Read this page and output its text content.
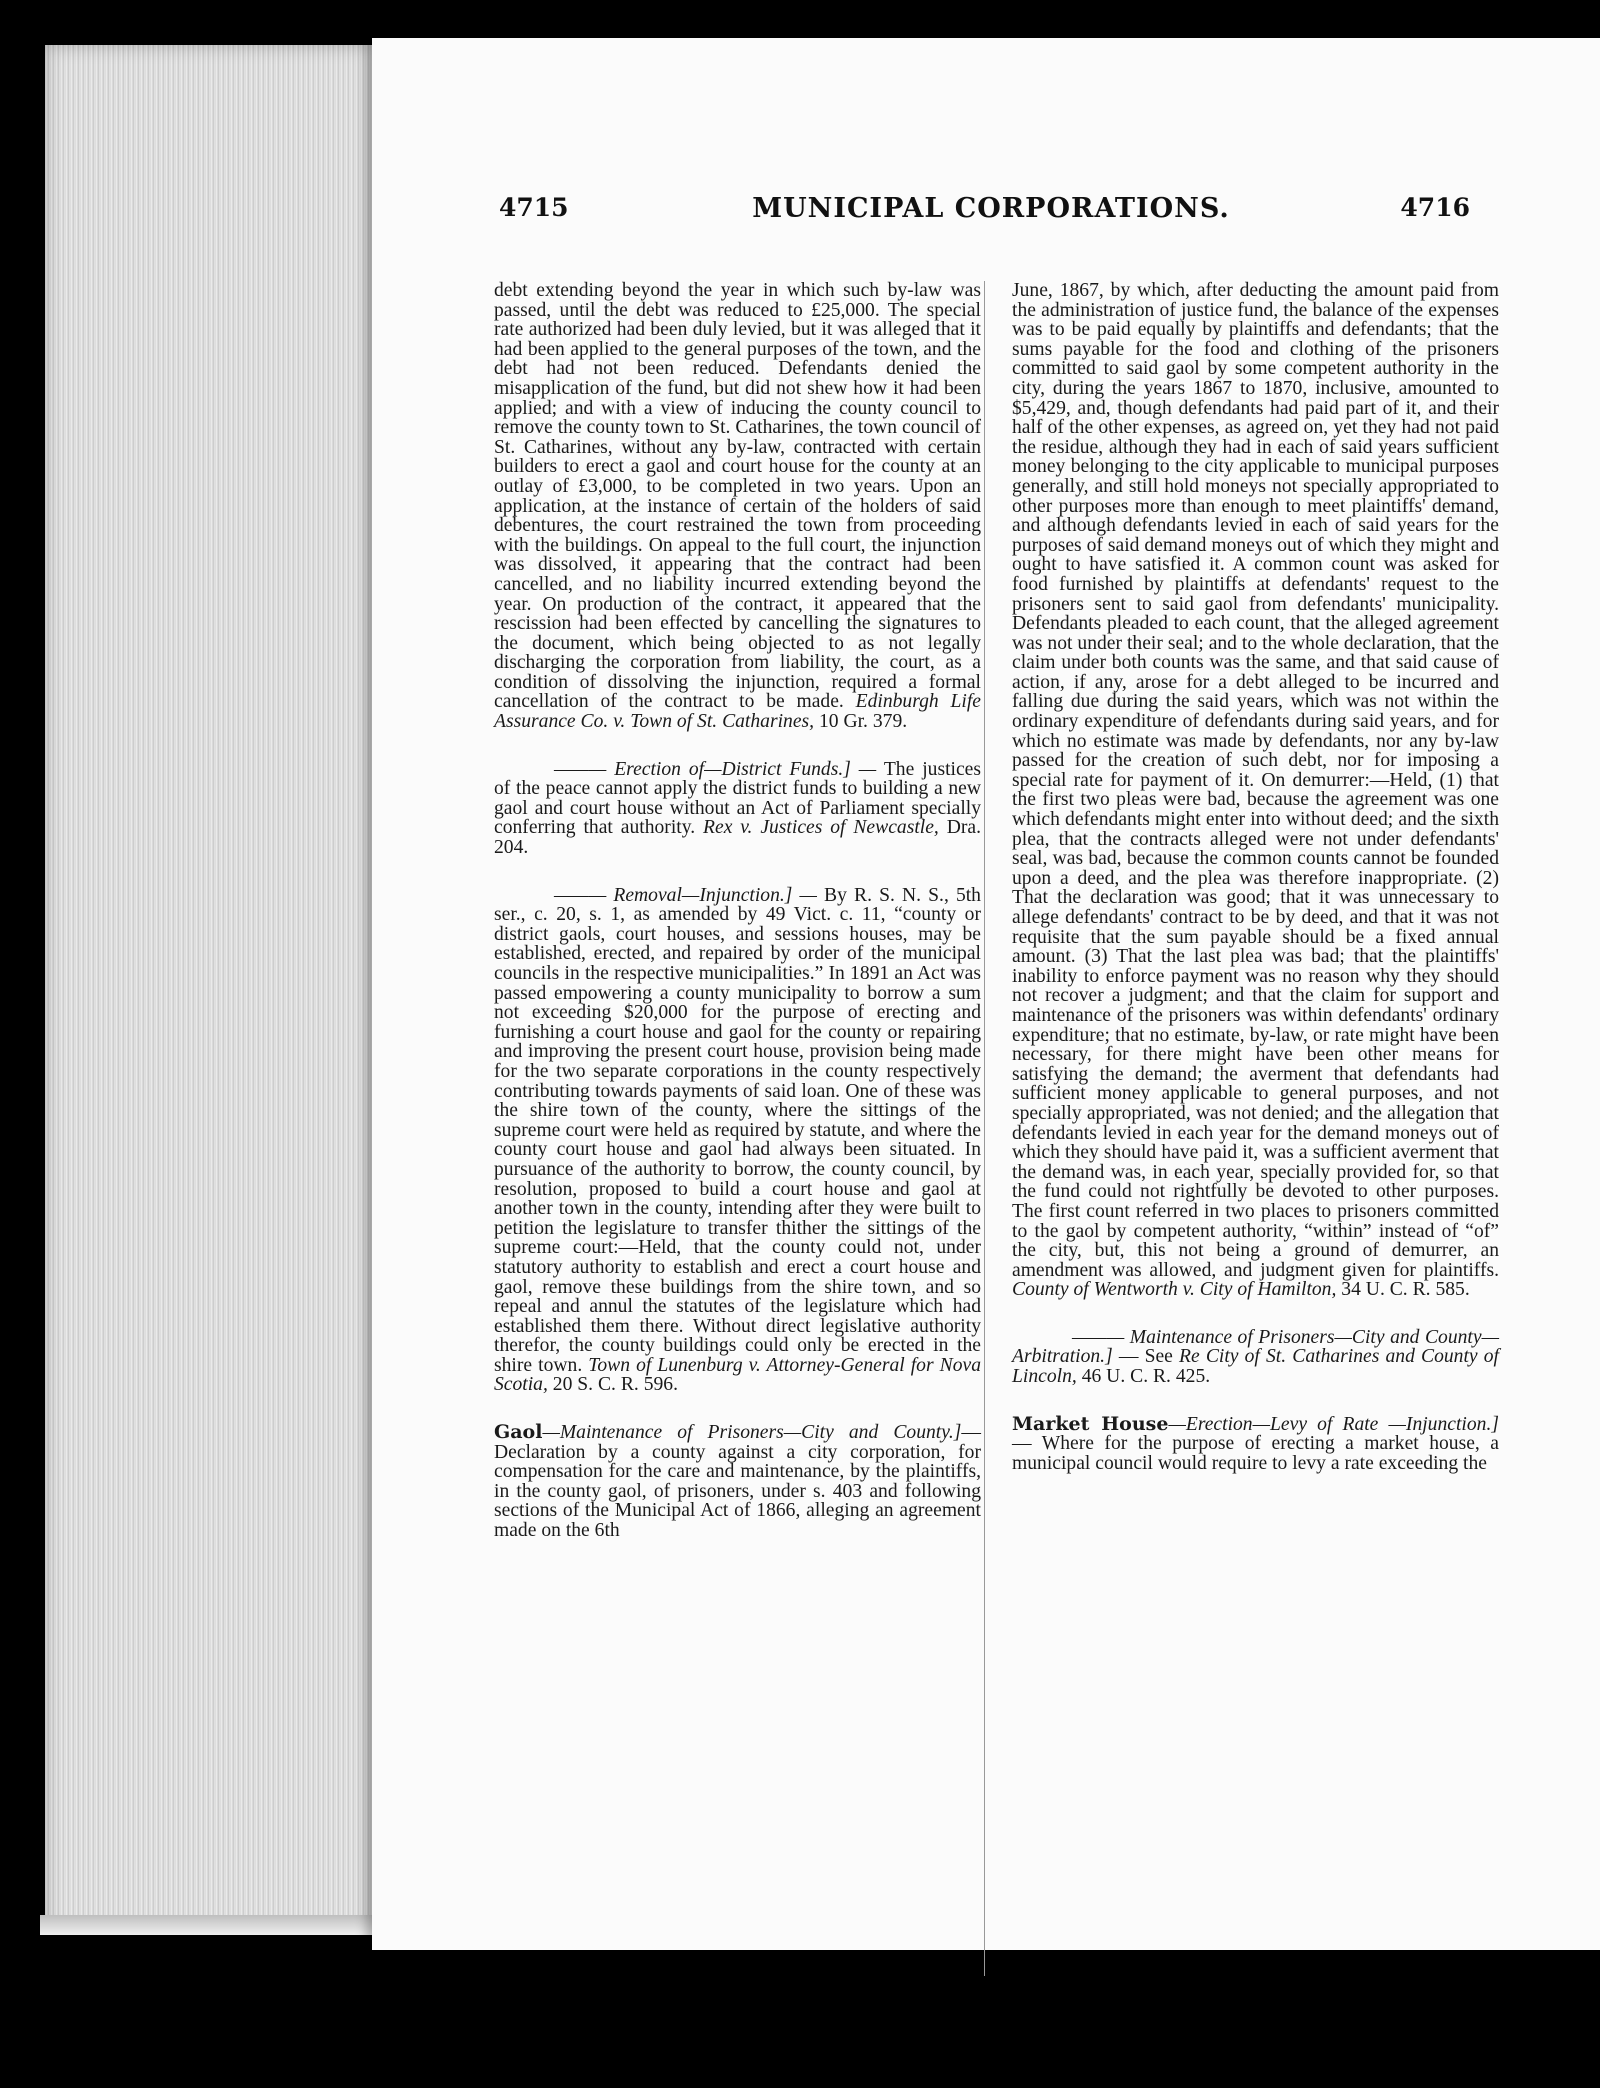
4715	MUNICIPAL CORPORATIONS.	4716

debt extending beyond the year in which such by-law was passed, until the debt was reduced to £25,000. The special rate authorized had been duly levied, but it was alleged that it had been applied to the general purposes of the town, and the debt had not been reduced. Defendants denied the misapplication of the fund, but did not shew how it had been applied; and with a view of inducing the county council to remove the county town to St. Catharines, the town council of St. Catharines, without any by-law, contracted with certain builders to erect a gaol and court house for the county at an outlay of £3,000, to be completed in two years. Upon an application, at the instance of certain of the holders of said debentures, the court restrained the town from proceeding with the buildings. On appeal to the full court, the injunction was dissolved, it appearing that the contract had been cancelled, and no liability incurred extending beyond the year. On production of the contract, it appeared that the rescission had been effected by cancelling the signatures to the document, which being objected to as not legally discharging the corporation from liability, the court, as a condition of dissolving the injunction, required a formal cancellation of the contract to be made. Edinburgh Life Assurance Co. v. Town of St. Catharines, 10 Gr. 379.

——— Erection of—District Funds.] — The justices of the peace cannot apply the district funds to building a new gaol and court house without an Act of Parliament specially conferring that authority. Rex v. Justices of Newcastle, Dra. 204.

——— Removal—Injunction.] — By R. S. N. S., 5th ser., c. 20, s. 1, as amended by 49 Vict. c. 11, “county or district gaols, court houses, and sessions houses, may be established, erected, and repaired by order of the municipal councils in the respective municipalities.” In 1891 an Act was passed empowering a county municipality to borrow a sum not exceeding $20,000 for the purpose of erecting and furnishing a court house and gaol for the county or repairing and improving the present court house, provision being made for the two separate corporations in the county respectively contributing towards payments of said loan. One of these was the shire town of the county, where the sittings of the supreme court were held as required by statute, and where the county court house and gaol had always been situated. In pursuance of the authority to borrow, the county council, by resolution, proposed to build a court house and gaol at another town in the county, intending after they were built to petition the legislature to transfer thither the sittings of the supreme court:—Held, that the county could not, under statutory authority to establish and erect a court house and gaol, remove these buildings from the shire town, and so repeal and annul the statutes of the legislature which had established them there. Without direct legislative authority therefor, the county buildings could only be erected in the shire town. Town of Lunenburg v. Attorney-General for Nova Scotia, 20 S. C. R. 596.

Gaol—Maintenance of Prisoners—City and County.]—Declaration by a county against a city corporation, for compensation for the care and maintenance, by the plaintiffs, in the county gaol, of prisoners, under s. 403 and following sections of the Municipal Act of 1866, alleging an agreement made on the 6th

June, 1867, by which, after deducting the amount paid from the administration of justice fund, the balance of the expenses was to be paid equally by plaintiffs and defendants; that the sums payable for the food and clothing of the prisoners committed to said gaol by some competent authority in the city, during the years 1867 to 1870, inclusive, amounted to $5,429, and, though defendants had paid part of it, and their half of the other expenses, as agreed on, yet they had not paid the residue, although they had in each of said years sufficient money belonging to the city applicable to municipal purposes generally, and still hold moneys not specially appropriated to other purposes more than enough to meet plaintiffs' demand, and although defendants levied in each of said years for the purposes of said demand moneys out of which they might and ought to have satisfied it. A common count was asked for food furnished by plaintiffs at defendants' request to the prisoners sent to said gaol from defendants' municipality. Defendants pleaded to each count, that the alleged agreement was not under their seal; and to the whole declaration, that the claim under both counts was the same, and that said cause of action, if any, arose for a debt alleged to be incurred and falling due during the said years, which was not within the ordinary expenditure of defendants during said years, and for which no estimate was made by defendants, nor any by-law passed for the creation of such debt, nor for imposing a special rate for payment of it. On demurrer:—Held, (1) that the first two pleas were bad, because the agreement was one which defendants might enter into without deed; and the sixth plea, that the contracts alleged were not under defendants' seal, was bad, because the common counts cannot be founded upon a deed, and the plea was therefore inappropriate. (2) That the declaration was good; that it was unnecessary to allege defendants' contract to be by deed, and that it was not requisite that the sum payable should be a fixed annual amount. (3) That the last plea was bad; that the plaintiffs' inability to enforce payment was no reason why they should not recover a judgment; and that the claim for support and maintenance of the prisoners was within defendants' ordinary expenditure; that no estimate, by-law, or rate might have been necessary, for there might have been other means for satisfying the demand; the averment that defendants had sufficient money applicable to general purposes, and not specially appropriated, was not denied; and the allegation that defendants levied in each year for the demand moneys out of which they should have paid it, was a sufficient averment that the demand was, in each year, specially provided for, so that the fund could not rightfully be devoted to other purposes. The first count referred in two places to prisoners committed to the gaol by competent authority, “within” instead of “of” the city, but, this not being a ground of demurrer, an amendment was allowed, and judgment given for plaintiffs. County of Wentworth v. City of Hamilton, 34 U. C. R. 585.

——— Maintenance of Prisoners—City and County—Arbitration.] — See Re City of St. Catharines and County of Lincoln, 46 U. C. R. 425.

Market House—Erection—Levy of Rate —Injunction.] — Where for the purpose of erecting a market house, a municipal council would require to levy a rate exceeding the
